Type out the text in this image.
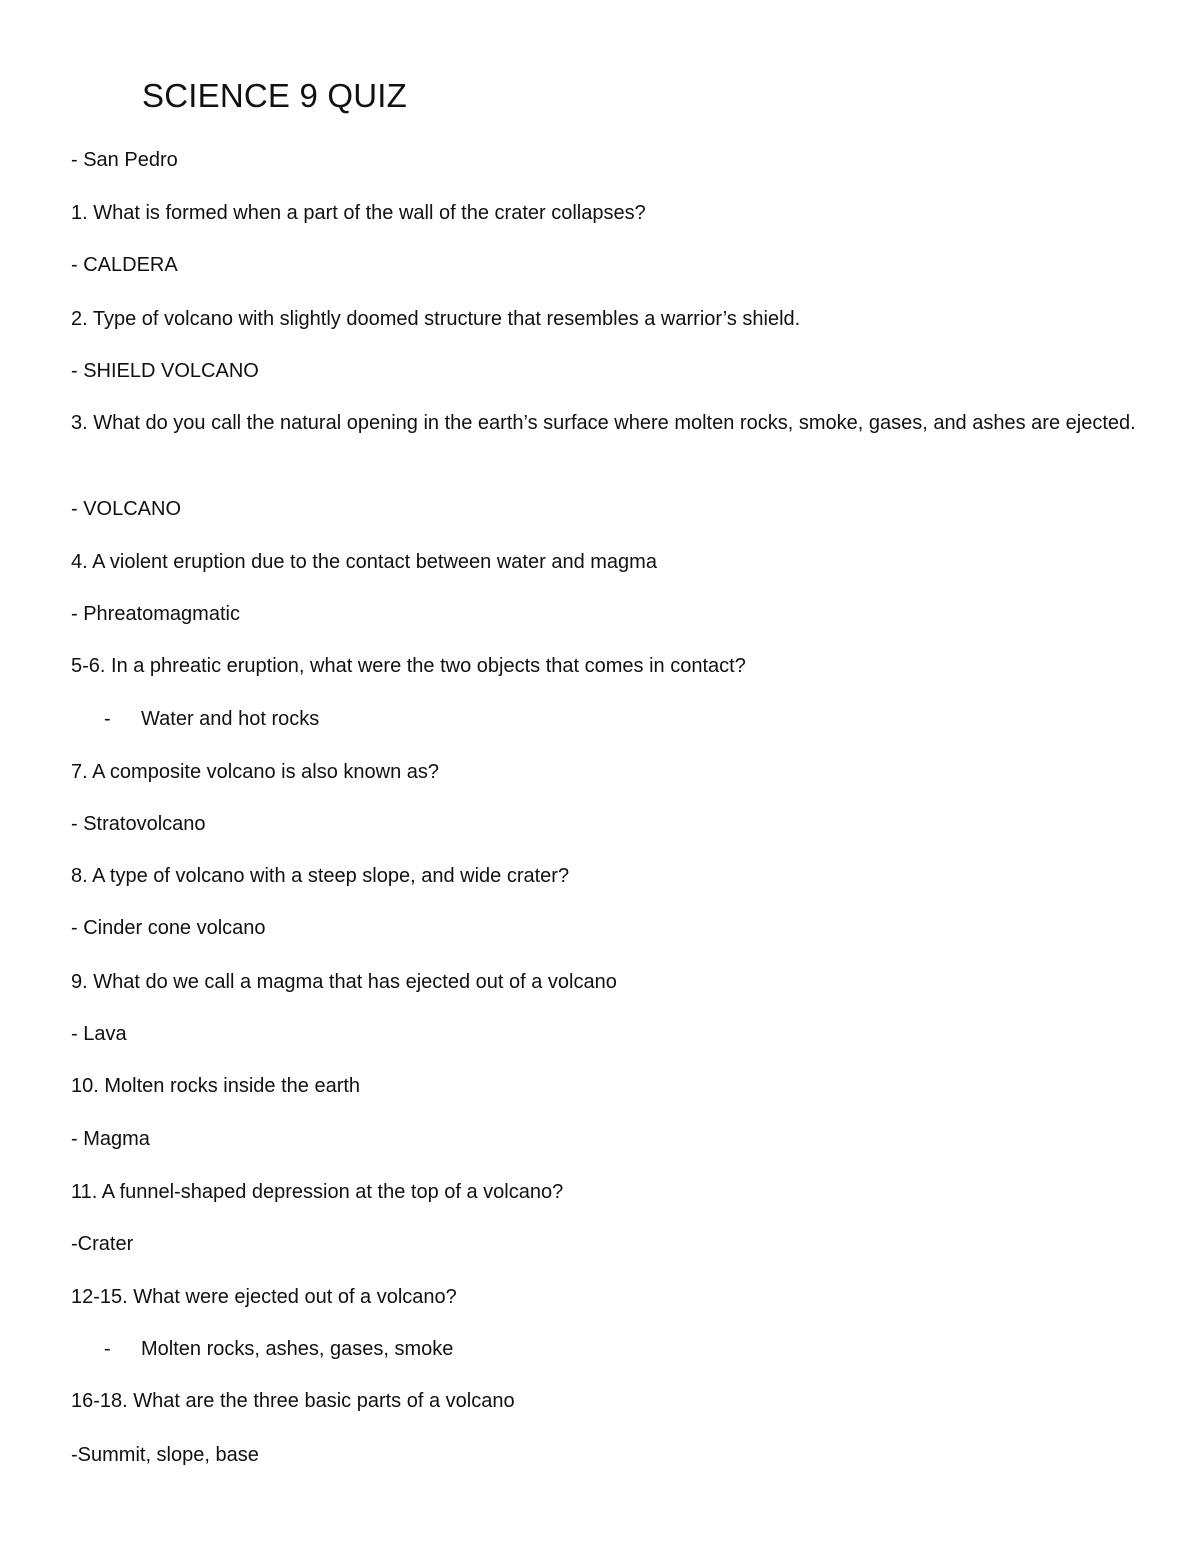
SCIENCE 9 QUIZ
- San Pedro
1. What is formed when a part of the wall of the crater collapses?
- CALDERA
2. Type of volcano with slightly doomed structure that resembles a warrior’s shield.
- SHIELD VOLCANO
3. What do you call the natural opening in the earth’s surface where molten rocks, smoke, gases, and ashes are ejected.
- VOLCANO
4. A violent eruption due to the contact between water and magma
- Phreatomagmatic
5-6. In a phreatic eruption, what were the two objects that comes in contact?
- Water and hot rocks
7. A composite volcano is also known as?
- Stratovolcano
8. A type of volcano with a steep slope, and wide crater?
- Cinder cone volcano
9. What do we call a magma that has ejected out of a volcano
- Lava
10. Molten rocks inside the earth
- Magma
11. A funnel-shaped depression at the top of a volcano?
-Crater
12-15. What were ejected out of a volcano?
- Molten rocks, ashes, gases, smoke
16-18. What are the three basic parts of a volcano
-Summit, slope, base
